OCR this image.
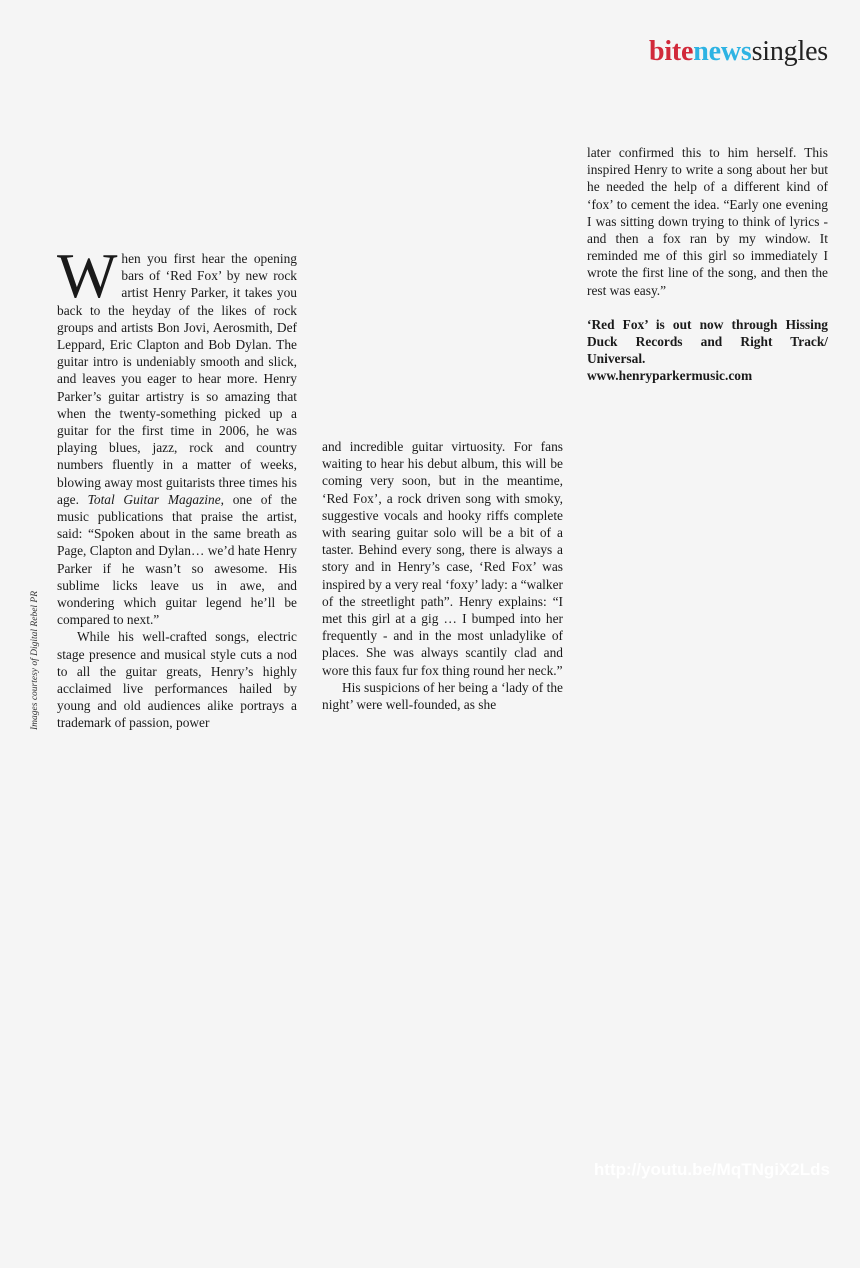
bitenewssingles
Images courtesy of Digital Rebel PR

When you first hear the opening bars of ‘Red Fox’ by new rock artist Henry Parker, it takes you back to the heyday of the likes of rock groups and artists Bon Jovi, Aerosmith, Def Leppard, Eric Clapton and Bob Dylan. The guitar intro is undeniably smooth and slick, and leaves you eager to hear more. Henry Parker’s guitar artistry is so amazing that when the twenty-something picked up a guitar for the first time in 2006, he was playing blues, jazz, rock and country numbers fluently in a matter of weeks, blowing away most guitarists three times his age. Total Guitar Magazine, one of the music publications that praise the artist, said: “Spoken about in the same breath as Page, Clapton and Dylan… we’d hate Henry Parker if he wasn’t so awesome. His sublime licks leave us in awe, and wondering which guitar legend he’ll be compared to next.”

While his well-crafted songs, electric stage presence and musical style cuts a nod to all the guitar greats, Henry’s highly acclaimed live performances hailed by young and old audiences alike portrays a trademark of passion, power

and incredible guitar virtuosity. For fans waiting to hear his debut album, this will be coming very soon, but in the meantime, ‘Red Fox’, a rock driven song with smoky, suggestive vocals and hooky riffs complete with searing guitar solo will be a bit of a taster. Behind every song, there is always a story and in Henry’s case, ‘Red Fox’ was inspired by a very real ‘foxy’ lady: a “walker of the streetlight path”. Henry explains: “I met this girl at a gig … I bumped into her frequently - and in the most unladylike of places. She was always scantily clad and wore this faux fur fox thing round her neck.”

His suspicions of her being a ‘lady of the night’ were well-founded, as she

later confirmed this to him herself. This inspired Henry to write a song about her but he needed the help of a different kind of ‘fox’ to cement the idea. “Early one evening I was sitting down trying to think of lyrics - and then a fox ran by my window. It reminded me of this girl so immediately I wrote the first line of the song, and then the rest was easy.”

‘Red Fox’ is out now through Hissing Duck Records and Right Track/ Universal.
www.henryparkermusic.com
http://youtu.be/MqTNgiX2Lds
